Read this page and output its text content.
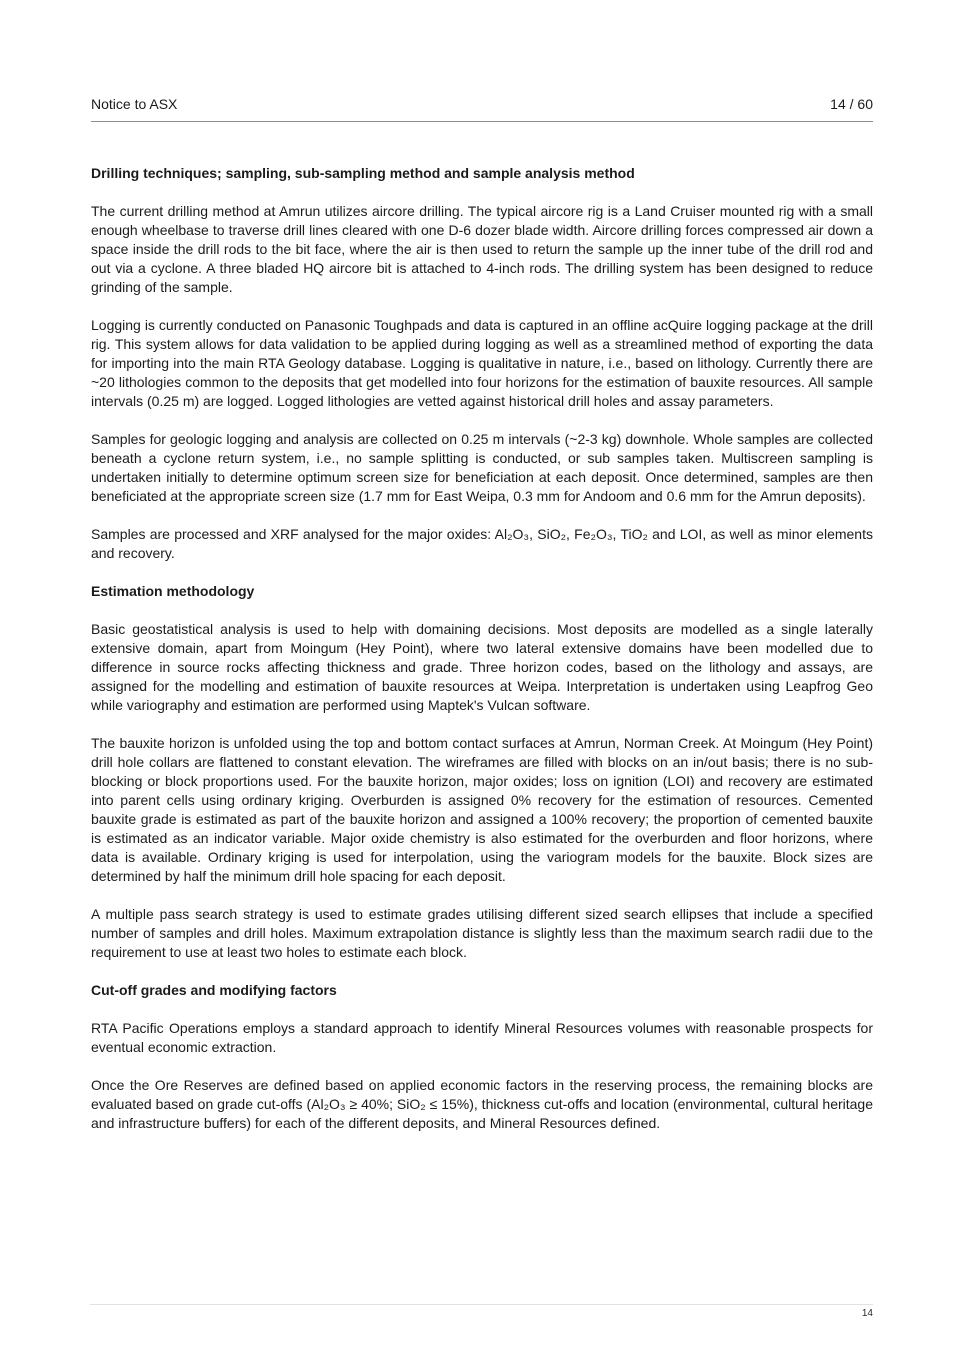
Notice to ASX	14 / 60
Drilling techniques; sampling, sub-sampling method and sample analysis method
The current drilling method at Amrun utilizes aircore drilling. The typical aircore rig is a Land Cruiser mounted rig with a small enough wheelbase to traverse drill lines cleared with one D-6 dozer blade width. Aircore drilling forces compressed air down a space inside the drill rods to the bit face, where the air is then used to return the sample up the inner tube of the drill rod and out via a cyclone. A three bladed HQ aircore bit is attached to 4-inch rods. The drilling system has been designed to reduce grinding of the sample.
Logging is currently conducted on Panasonic Toughpads and data is captured in an offline acQuire logging package at the drill rig. This system allows for data validation to be applied during logging as well as a streamlined method of exporting the data for importing into the main RTA Geology database. Logging is qualitative in nature, i.e., based on lithology. Currently there are ~20 lithologies common to the deposits that get modelled into four horizons for the estimation of bauxite resources. All sample intervals (0.25 m) are logged. Logged lithologies are vetted against historical drill holes and assay parameters.
Samples for geologic logging and analysis are collected on 0.25 m intervals (~2-3 kg) downhole. Whole samples are collected beneath a cyclone return system, i.e., no sample splitting is conducted, or sub samples taken. Multiscreen sampling is undertaken initially to determine optimum screen size for beneficiation at each deposit. Once determined, samples are then beneficiated at the appropriate screen size (1.7 mm for East Weipa, 0.3 mm for Andoom and 0.6 mm for the Amrun deposits).
Samples are processed and XRF analysed for the major oxides: Al₂O₃, SiO₂, Fe₂O₃, TiO₂ and LOI, as well as minor elements and recovery.
Estimation methodology
Basic geostatistical analysis is used to help with domaining decisions. Most deposits are modelled as a single laterally extensive domain, apart from Moingum (Hey Point), where two lateral extensive domains have been modelled due to difference in source rocks affecting thickness and grade. Three horizon codes, based on the lithology and assays, are assigned for the modelling and estimation of bauxite resources at Weipa. Interpretation is undertaken using Leapfrog Geo while variography and estimation are performed using Maptek's Vulcan software.
The bauxite horizon is unfolded using the top and bottom contact surfaces at Amrun, Norman Creek. At Moingum (Hey Point) drill hole collars are flattened to constant elevation. The wireframes are filled with blocks on an in/out basis; there is no sub-blocking or block proportions used. For the bauxite horizon, major oxides; loss on ignition (LOI) and recovery are estimated into parent cells using ordinary kriging. Overburden is assigned 0% recovery for the estimation of resources. Cemented bauxite grade is estimated as part of the bauxite horizon and assigned a 100% recovery; the proportion of cemented bauxite is estimated as an indicator variable. Major oxide chemistry is also estimated for the overburden and floor horizons, where data is available. Ordinary kriging is used for interpolation, using the variogram models for the bauxite. Block sizes are determined by half the minimum drill hole spacing for each deposit.
A multiple pass search strategy is used to estimate grades utilising different sized search ellipses that include a specified number of samples and drill holes. Maximum extrapolation distance is slightly less than the maximum search radii due to the requirement to use at least two holes to estimate each block.
Cut-off grades and modifying factors
RTA Pacific Operations employs a standard approach to identify Mineral Resources volumes with reasonable prospects for eventual economic extraction.
Once the Ore Reserves are defined based on applied economic factors in the reserving process, the remaining blocks are evaluated based on grade cut-offs (Al₂O₃ ≥ 40%; SiO₂ ≤ 15%), thickness cut-offs and location (environmental, cultural heritage and infrastructure buffers) for each of the different deposits, and Mineral Resources defined.
14
